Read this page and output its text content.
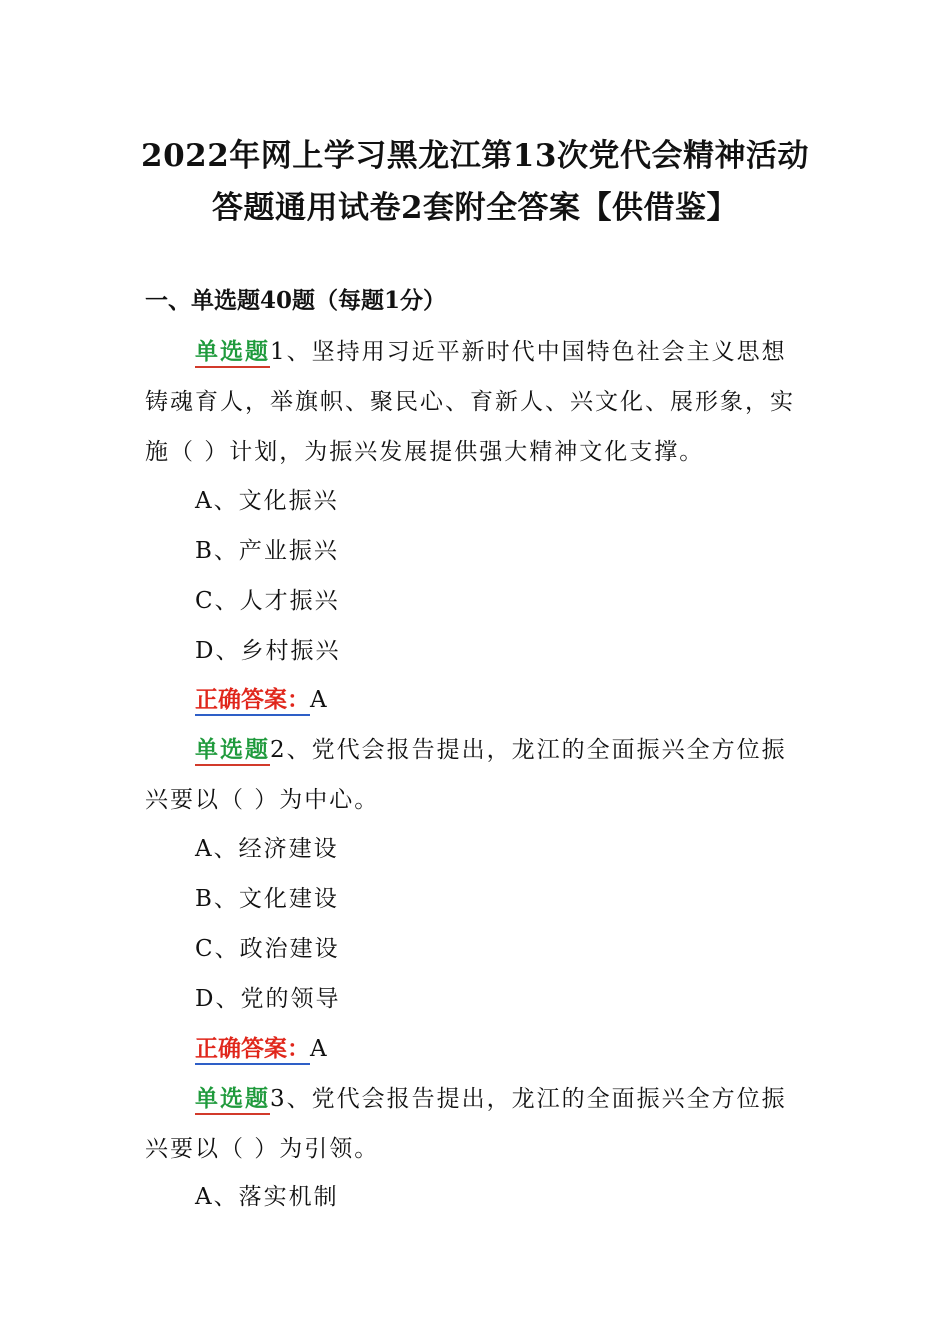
2022年网上学习黑龙江第13次党代会精神活动
答题通用试卷2套附全答案【供借鉴】
一、单选题40题（每题1分）
单选题1、坚持用习近平新时代中国特色社会主义思想铸魂育人，举旗帜、聚民心、育新人、兴文化、展形象，实施（ ）计划，为振兴发展提供强大精神文化支撑。
A、文化振兴
B、产业振兴
C、人才振兴
D、乡村振兴
正确答案：A
单选题2、党代会报告提出，龙江的全面振兴全方位振兴要以（ ）为中心。
A、经济建设
B、文化建设
C、政治建设
D、党的领导
正确答案：A
单选题3、党代会报告提出，龙江的全面振兴全方位振兴要以（ ）为引领。
A、落实机制
